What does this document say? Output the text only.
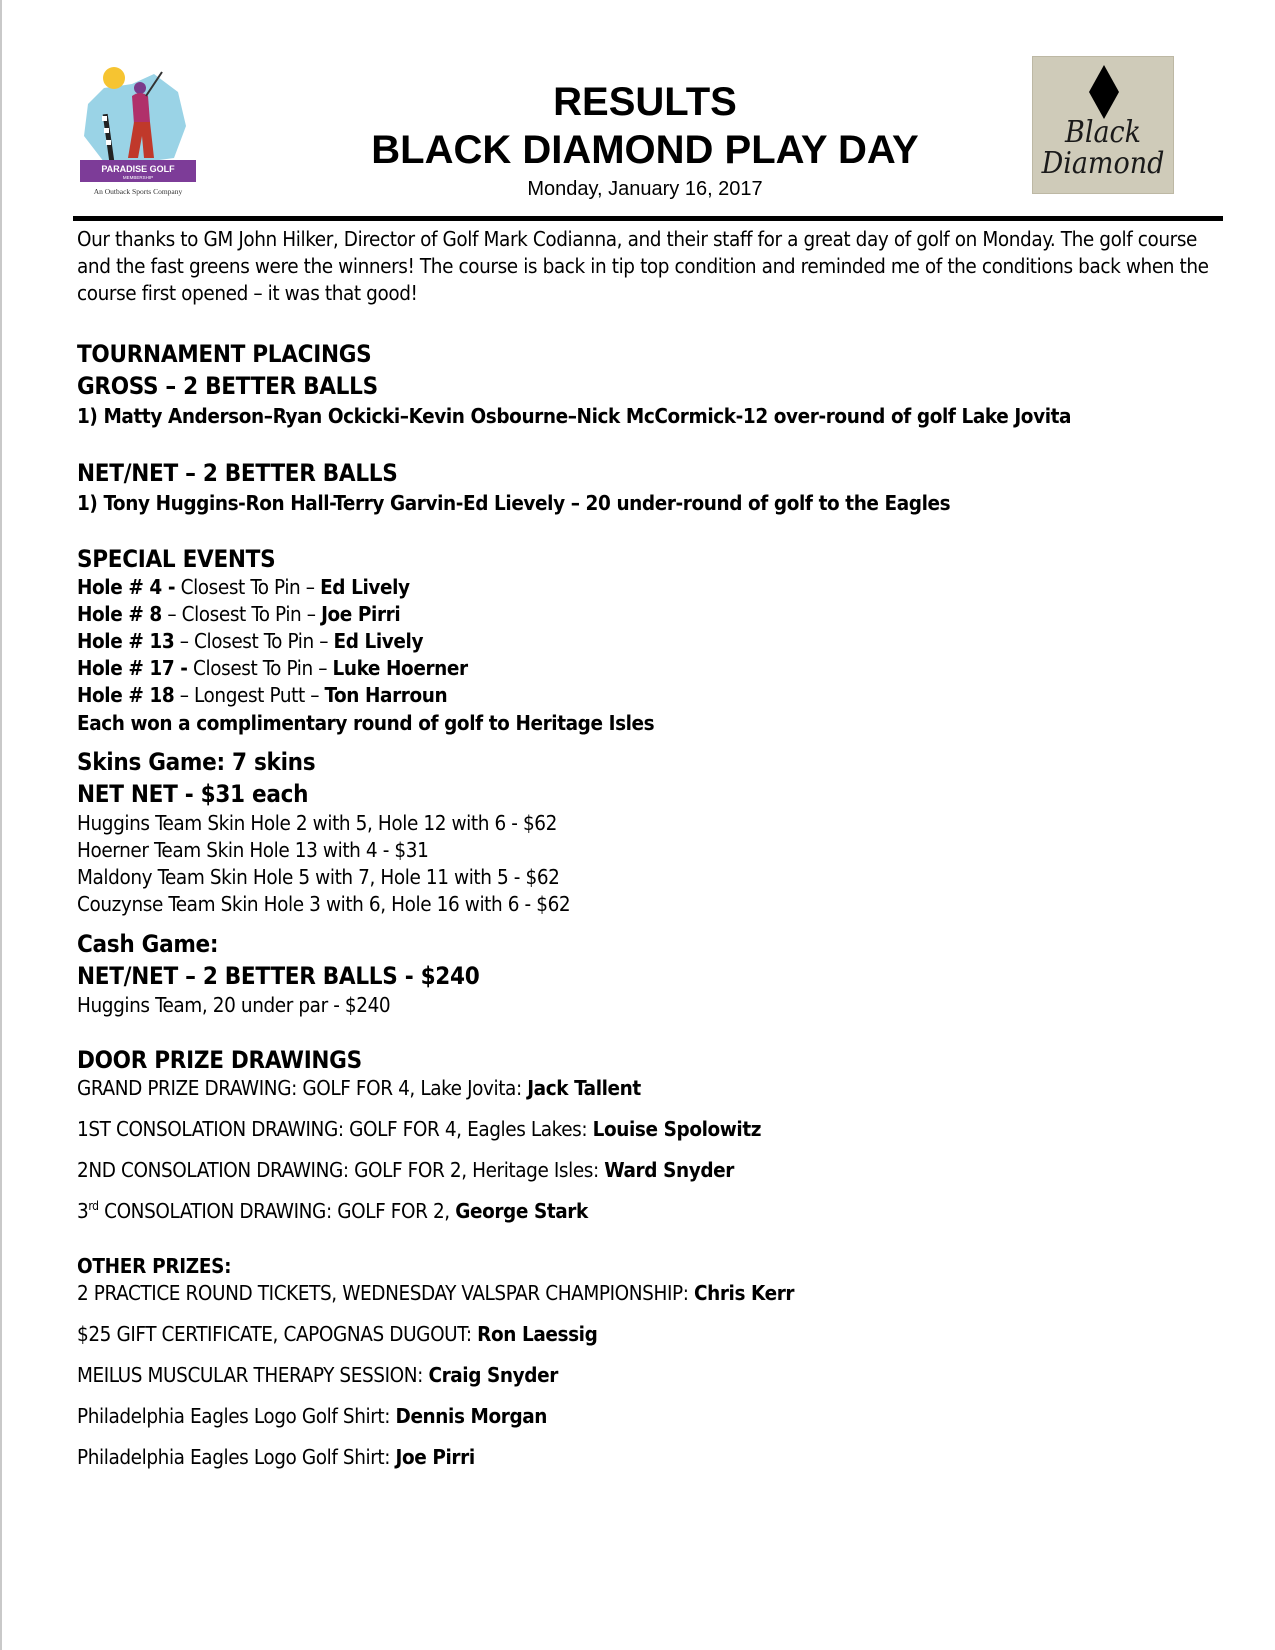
PARADISE GOLF
MEMBERSHIP
An Outback Sports Company
RESULTS
BLACK DIAMOND PLAY DAY
Monday, January 16, 2017
Black
Diamond

Our thanks to GM John Hilker, Director of Golf Mark Codianna, and their staff for a great day of golf on Monday. The golf course and the fast greens were the winners! The course is back in tip top condition and reminded me of the conditions back when the course first opened – it was that good!

TOURNAMENT PLACINGS

GROSS – 2 BETTER BALLS

1) Matty Anderson–Ryan Ockicki–Kevin Osbourne–Nick McCormick-12 over-round of golf Lake Jovita

NET/NET – 2 BETTER BALLS

1) Tony Huggins-Ron Hall-Terry Garvin-Ed Lievely – 20 under-round of golf to the Eagles

SPECIAL EVENTS

Hole # 4 - Closest To Pin – Ed Lively

Hole # 8 – Closest To Pin – Joe Pirri

Hole # 13 – Closest To Pin – Ed Lively

Hole # 17 - Closest To Pin – Luke Hoerner

Hole # 18 – Longest Putt – Ton Harroun

Each won a complimentary round of golf to Heritage Isles

Skins Game: 7 skins

NET NET - $31 each

Huggins Team Skin Hole 2 with 5, Hole 12 with 6 - $62

Hoerner Team Skin Hole 13 with 4 - $31

Maldony Team Skin Hole 5 with 7, Hole 11 with 5 - $62

Couzynse Team Skin Hole 3 with 6, Hole 16 with 6 - $62

Cash Game:

NET/NET – 2 BETTER BALLS - $240

Huggins Team, 20 under par - $240

DOOR PRIZE DRAWINGS

GRAND PRIZE DRAWING: GOLF FOR 4, Lake Jovita: Jack Tallent

1ST CONSOLATION DRAWING: GOLF FOR 4, Eagles Lakes: Louise Spolowitz

2ND CONSOLATION DRAWING: GOLF FOR 2, Heritage Isles: Ward Snyder

3rd CONSOLATION DRAWING: GOLF FOR 2, George Stark

OTHER PRIZES:

2 PRACTICE ROUND TICKETS, WEDNESDAY VALSPAR CHAMPIONSHIP: Chris Kerr

$25 GIFT CERTIFICATE, CAPOGNAS DUGOUT: Ron Laessig

MEILUS MUSCULAR THERAPY SESSION: Craig Snyder

Philadelphia Eagles Logo Golf Shirt: Dennis Morgan

Philadelphia Eagles Logo Golf Shirt: Joe Pirri
